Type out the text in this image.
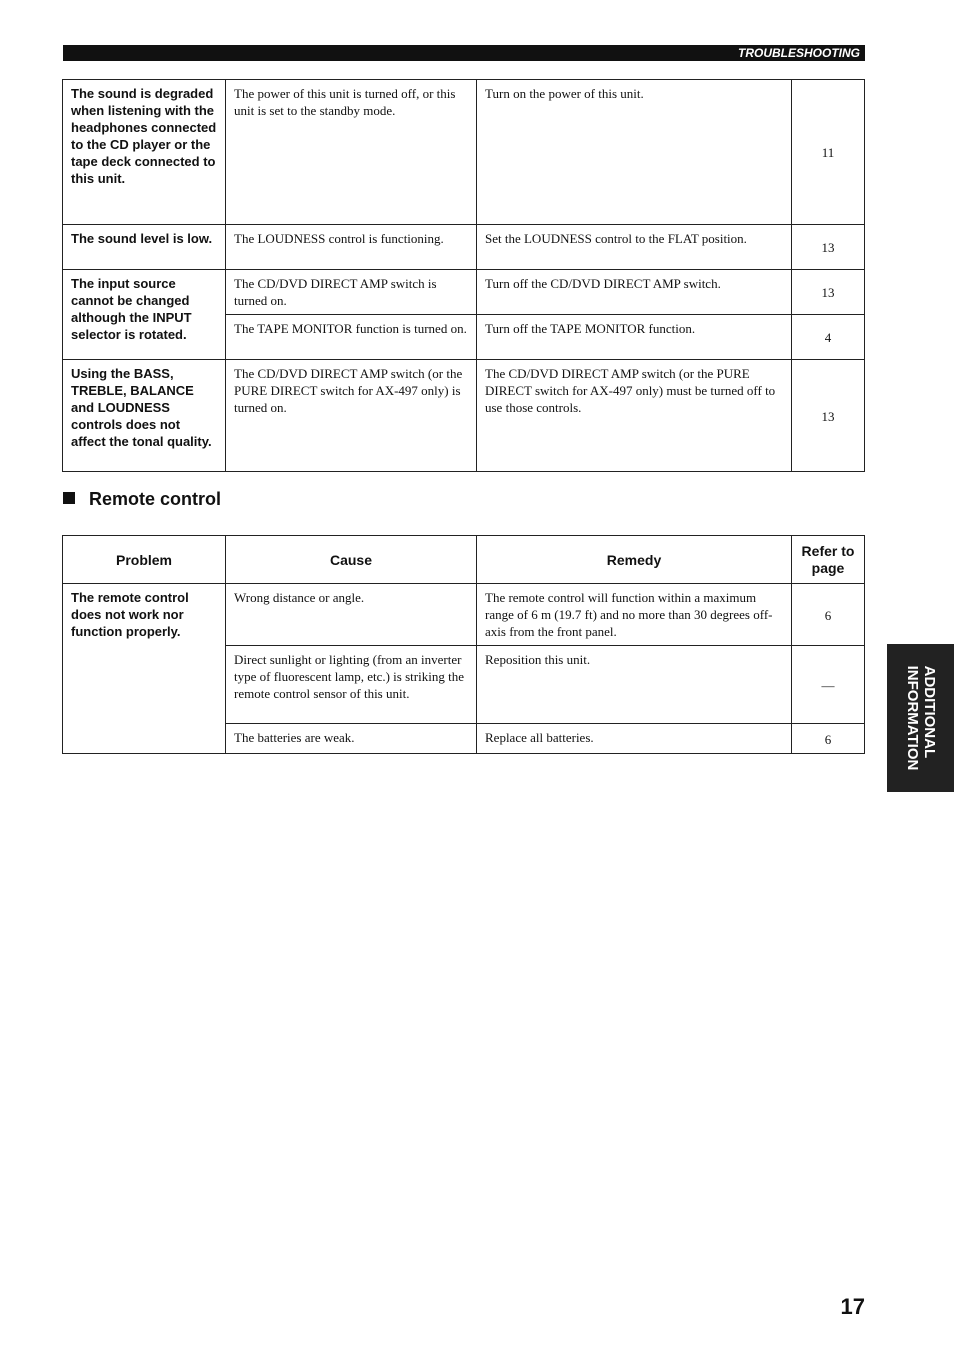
TROUBLESHOOTING
The sound is degraded when listening with the headphones connected to the CD player or the tape deck connected to this unit.	The power of this unit is turned off, or this unit is set to the standby mode.	Turn on the power of this unit.	11
The sound level is low.	The LOUDNESS control is functioning.	Set the LOUDNESS control to the FLAT position.	13
The input source cannot be changed although the INPUT selector is rotated.	The CD/DVD DIRECT AMP switch is turned on.	Turn off the CD/DVD DIRECT AMP switch.	13
	The TAPE MONITOR function is turned on.	Turn off the TAPE MONITOR function.	4
Using the BASS, TREBLE, BALANCE and LOUDNESS controls does not affect the tonal quality.	The CD/DVD DIRECT AMP switch (or the PURE DIRECT switch for AX-497 only) is turned on.	The CD/DVD DIRECT AMP switch (or the PURE DIRECT switch for AX-497 only) must be turned off to use those controls.	13
Remote control
Problem	Cause	Remedy	Refer to page
The remote control does not work nor function properly.	Wrong distance or angle.	The remote control will function within a maximum range of 6 m (19.7 ft) and no more than 30 degrees off-axis from the front panel.	6
	Direct sunlight or lighting (from an inverter type of fluorescent lamp, etc.) is striking the remote control sensor of this unit.	Reposition this unit.	—
	The batteries are weak.	Replace all batteries.	6	ADDITIONAL
INFORMATION
17
